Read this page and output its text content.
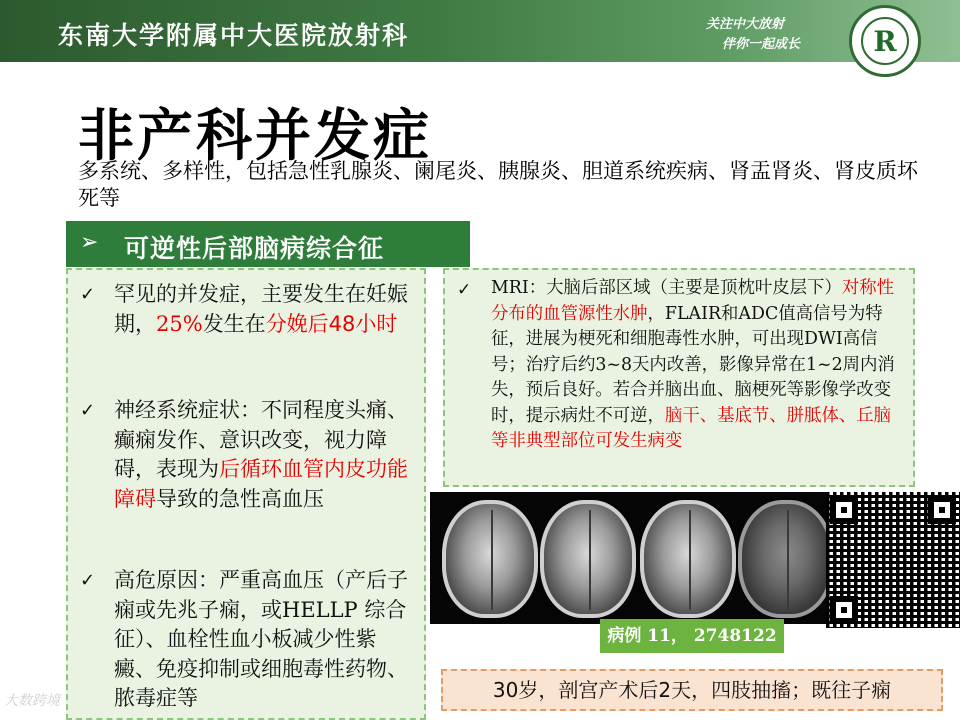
东南大学附属中大医院放射科	关注中大放射
伴你一起成长	R
非产科并发症
多系统、多样性，包括急性乳腺炎、阑尾炎、胰腺炎、胆道系统疾病、肾盂肾炎、肾皮质坏死等
➢ 可逆性后部脑病综合征
✓ 罕见的并发症，主要发生在妊娠期，25%发生在分娩后48小时
✓ 神经系统症状：不同程度头痛、癫痫发作、意识改变，视力障碍，表现为后循环血管内皮功能障碍导致的急性高血压
✓ 高危原因：严重高血压（产后子痫或先兆子痫，或HELLP 综合征）、血栓性血小板减少性紫癜、免疫抑制或细胞毒性药物、脓毒症等
✓	MRI：大脑后部区域（主要是顶枕叶皮层下）对称性分布的血管源性水肿，FLAIR和ADC值高信号为特征，进展为梗死和细胞毒性水肿，可出现DWI高信号；治疗后约3~8天内改善，影像异常在1~2周内消失，预后良好。若合并脑出血、脑梗死等影像学改变时，提示病灶不可逆，脑干、基底节、胼胝体、丘脑等非典型部位可发生病变
病例 11， 2748122
30岁，剖宫产术后2天，四肢抽搐；既往子痫
大数跨境
